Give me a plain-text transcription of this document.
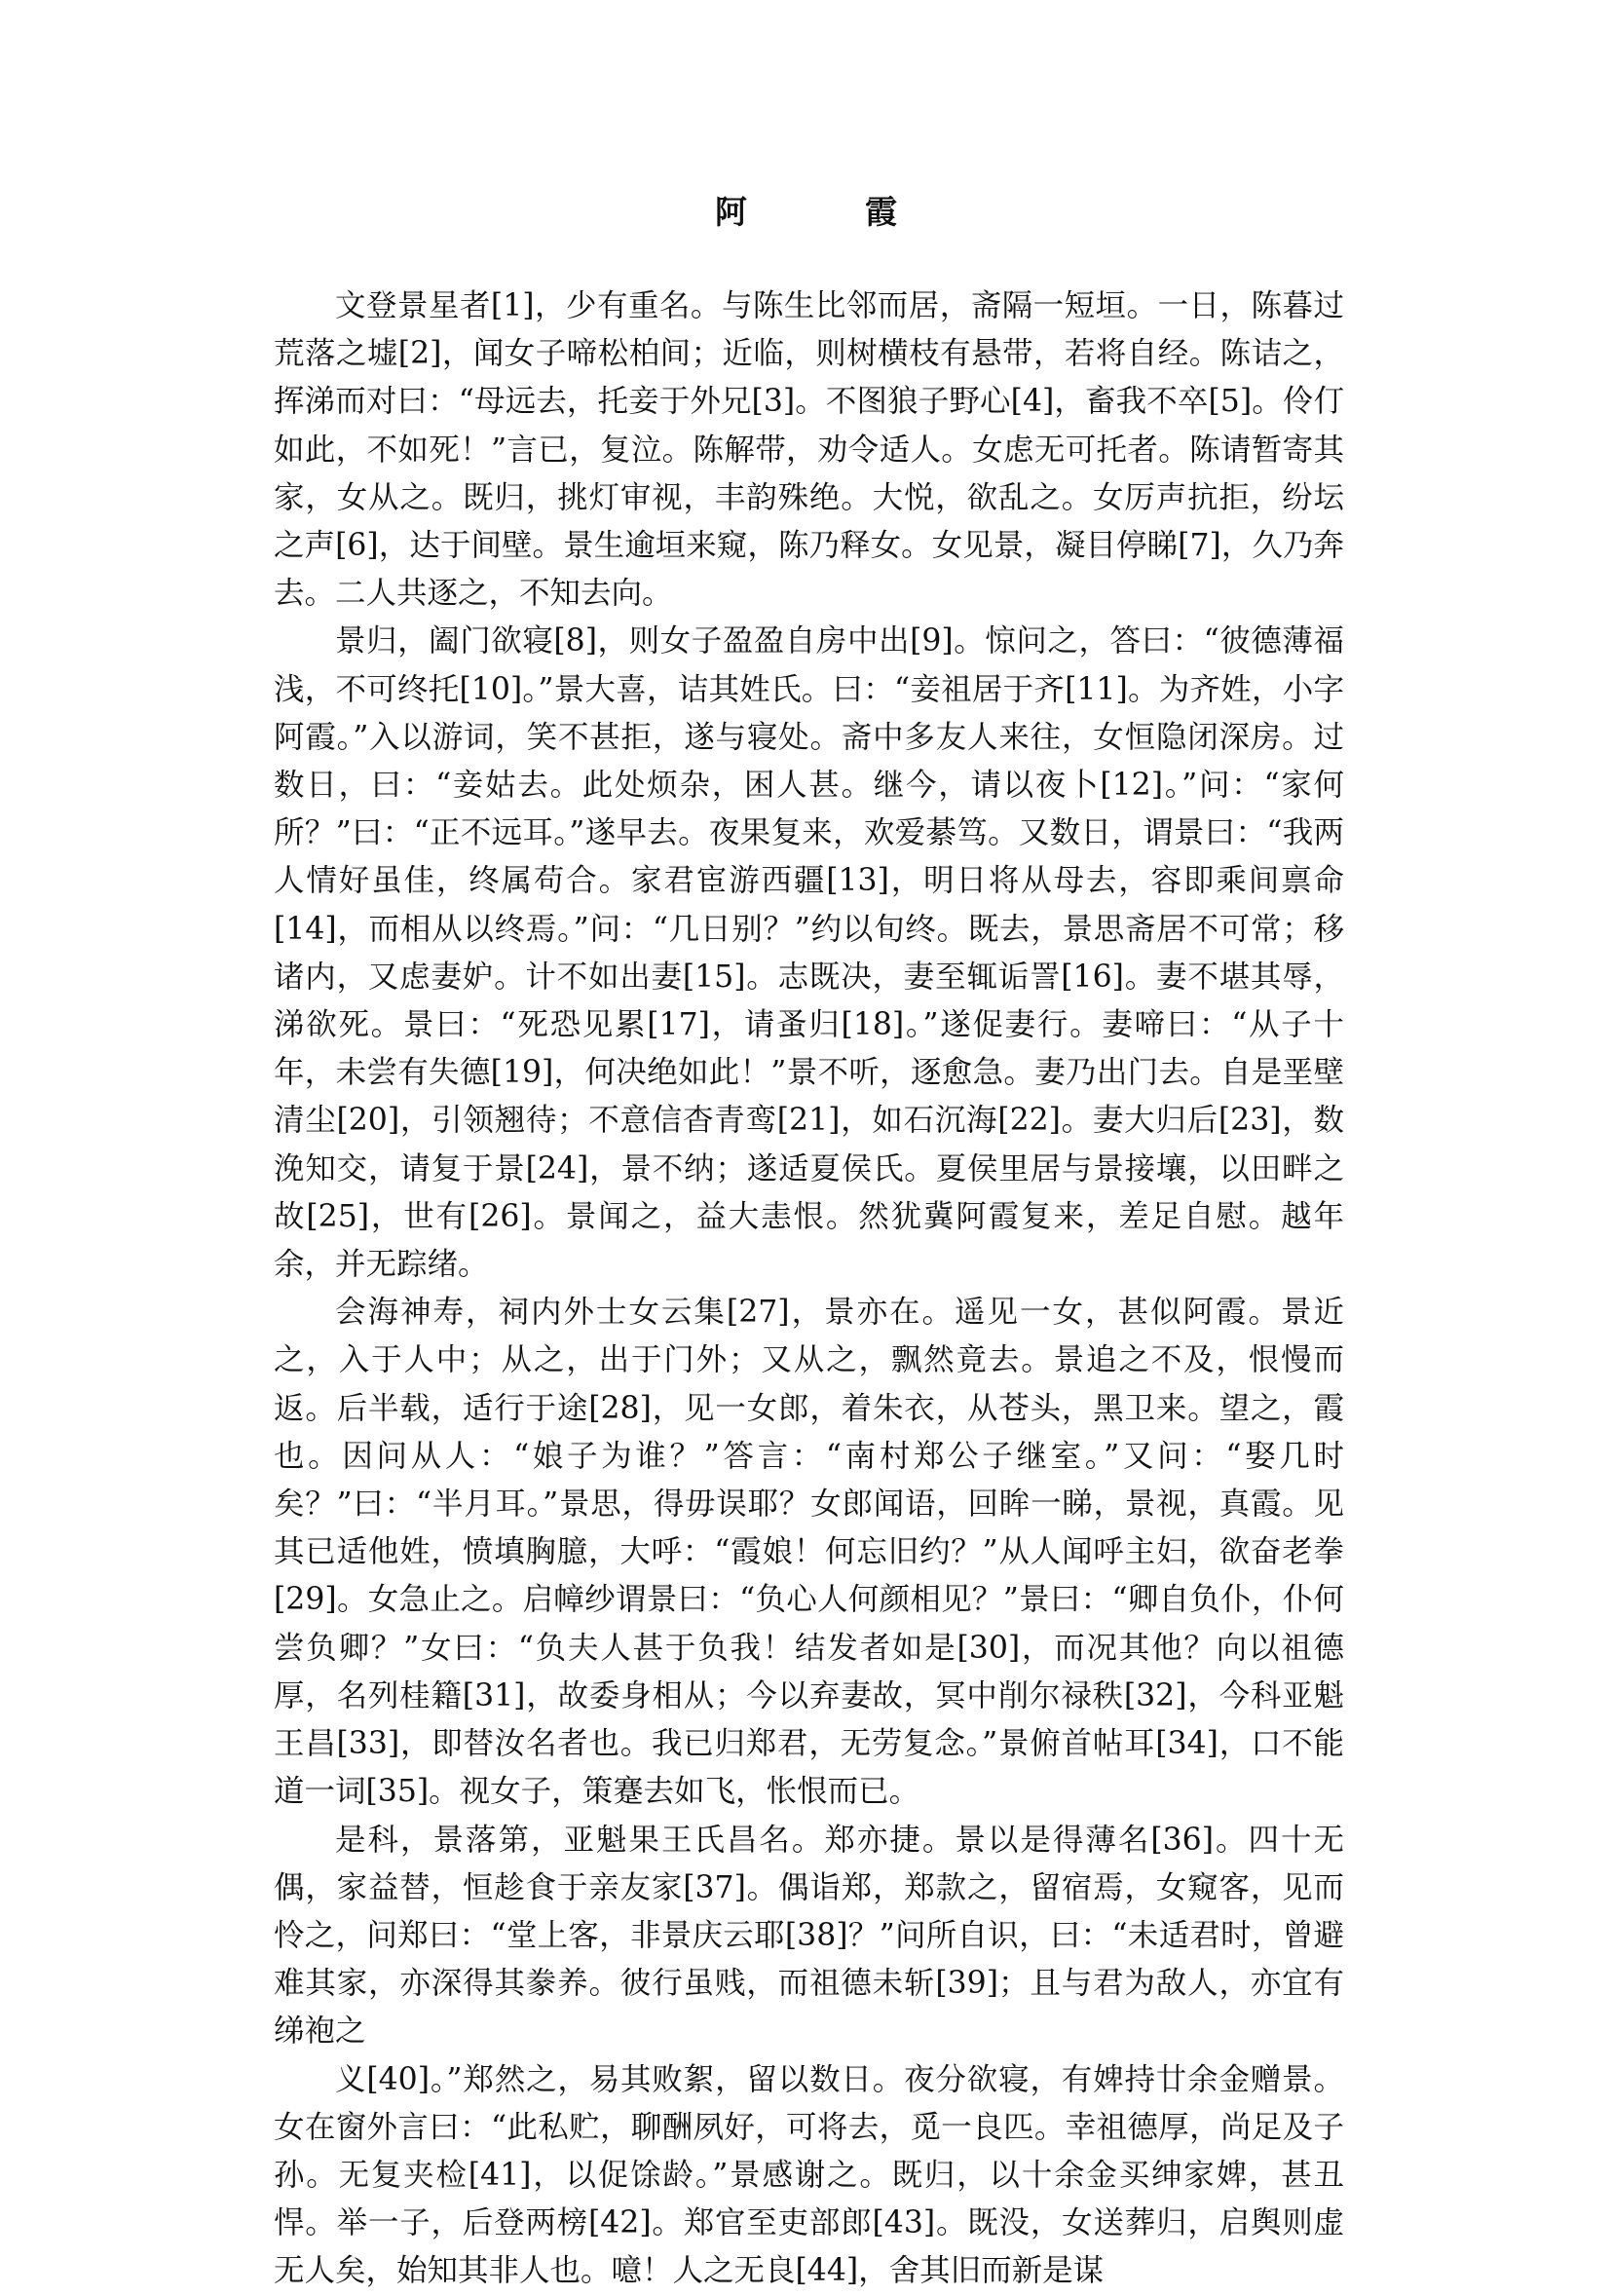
阿　霞

文登景星者[1]，少有重名。与陈生比邻而居，斋隔一短垣。一日，陈暮过荒落之墟[2]，闻女子啼松柏间；近临，则树横枝有悬带，若将自经。陈诘之，挥涕而对曰：“母远去，托妾于外兄[3]。不图狼子野心[4]，畜我不卒[5]。伶仃如此，不如死！”言已，复泣。陈解带，劝令适人。女虑无可托者。陈请暂寄其家，女从之。既归，挑灯审视，丰韵殊绝。大悦，欲乱之。女厉声抗拒，纷坛之声[6]，达于间壁。景生逾垣来窥，陈乃释女。女见景，凝目停睇[7]，久乃奔去。二人共逐之，不知去向。

景归，阖门欲寝[8]，则女子盈盈自房中出[9]。惊问之，答曰：“彼德薄福浅，不可终托[10]。”景大喜，诘其姓氏。曰：“妾祖居于齐[11]。为齐姓，小字阿霞。”入以游词，笑不甚拒，遂与寝处。斋中多友人来往，女恒隐闭深房。过数日，曰：“妾姑去。此处烦杂，困人甚。继今，请以夜卜[12]。”问：“家何所？”曰：“正不远耳。”遂早去。夜果复来，欢爱綦笃。又数日，谓景曰：“我两人情好虽佳，终属苟合。家君宦游西疆[13]，明日将从母去，容即乘间禀命[14]，而相从以终焉。”问：“几日别？”约以旬终。既去，景思斋居不可常；移诸内，又虑妻妒。计不如出妻[15]。志既决，妻至辄诟詈[16]。妻不堪其辱，涕欲死。景曰：“死恐见累[17]，请蚤归[18]。”遂促妻行。妻啼曰：“从子十年，未尝有失德[19]，何决绝如此！”景不听，逐愈急。妻乃出门去。自是垩壁清尘[20]，引领翘待；不意信杳青鸾[21]，如石沉海[22]。妻大归后[23]，数浼知交，请复于景[24]，景不纳；遂适夏侯氏。夏侯里居与景接壤，以田畔之故[25]，世有[26]。景闻之，益大恚恨。然犹冀阿霞复来，差足自慰。越年余，并无踪绪。

会海神寿，祠内外士女云集[27]，景亦在。遥见一女，甚似阿霞。景近之，入于人中；从之，出于门外；又从之，飘然竟去。景追之不及，恨慢而返。后半载，适行于途[28]，见一女郎，着朱衣，从苍头，黑卫来。望之，霞也。因问从人：“娘子为谁？”答言：“南村郑公子继室。”又问：“娶几时矣？”曰：“半月耳。”景思，得毋误耶？女郎闻语，回眸一睇，景视，真霞。见其已适他姓，愤填胸臆，大呼：“霞娘！何忘旧约？”从人闻呼主妇，欲奋老拳[29]。女急止之。启幛纱谓景曰：“负心人何颜相见？”景曰：“卿自负仆，仆何尝负卿？”女曰：“负夫人甚于负我！结发者如是[30]，而况其他？向以祖德厚，名列桂籍[31]，故委身相从；今以弃妻故，冥中削尔禄秩[32]，今科亚魁王昌[33]，即替汝名者也。我已归郑君，无劳复念。”景俯首帖耳[34]，口不能道一词[35]。视女子，策蹇去如飞，怅恨而已。

是科，景落第，亚魁果王氏昌名。郑亦捷。景以是得薄名[36]。四十无偶，家益替，恒趁食于亲友家[37]。偶诣郑，郑款之，留宿焉，女窥客，见而怜之，问郑曰：“堂上客，非景庆云耶[38]？”问所自识，曰：“未适君时，曾避难其家，亦深得其豢养。彼行虽贱，而祖德未斩[39]；且与君为敌人，亦宜有绨袍之

义[40]。”郑然之，易其败絮，留以数日。夜分欲寝，有婢持廿余金赠景。女在窗外言曰：“此私贮，聊酬夙好，可将去，觅一良匹。幸祖德厚，尚足及子孙。无复夹检[41]，以促馀龄。”景感谢之。既归，以十余金买绅家婢，甚丑悍。举一子，后登两榜[42]。郑官至吏部郎[43]。既没，女送葬归，启舆则虚无人矣，始知其非人也。噫！人之无良[44]，舍其旧而新是谋
